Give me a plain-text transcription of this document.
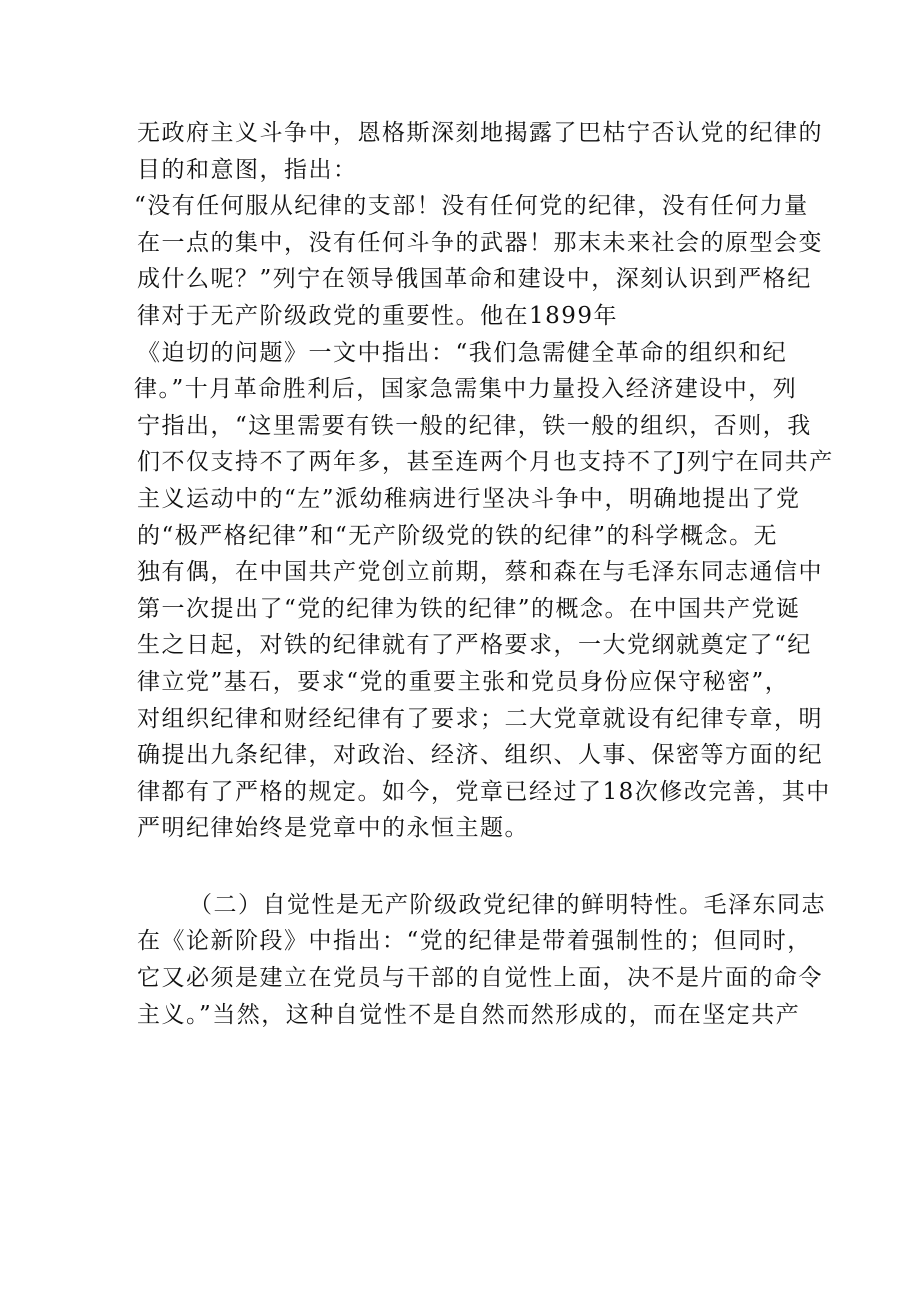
无政府主义斗争中，恩格斯深刻地揭露了巴枯宁否认党的纪律的
目的和意图，指出：
“没有任何服从纪律的支部！没有任何党的纪律，没有任何力量
在一点的集中，没有任何斗争的武器！那末未来社会的原型会变
成什么呢？”列宁在领导俄国革命和建设中，深刻认识到严格纪
律对于无产阶级政党的重要性。他在1899年
《迫切的问题》一文中指出：“我们急需健全革命的组织和纪
律。”十月革命胜利后，国家急需集中力量投入经济建设中，列
宁指出，“这里需要有铁一般的纪律，铁一般的组织，否则，我
们不仅支持不了两年多，甚至连两个月也支持不了J列宁在同共产
主义运动中的“左”派幼稚病进行坚决斗争中，明确地提出了党
的“极严格纪律”和“无产阶级党的铁的纪律”的科学概念。无
独有偶，在中国共产党创立前期，蔡和森在与毛泽东同志通信中
第一次提出了“党的纪律为铁的纪律”的概念。在中国共产党诞
生之日起，对铁的纪律就有了严格要求，一大党纲就奠定了“纪
律立党”基石，要求“党的重要主张和党员身份应保守秘密”，
对组织纪律和财经纪律有了要求；二大党章就设有纪律专章，明
确提出九条纪律，对政治、经济、组织、人事、保密等方面的纪
律都有了严格的规定。如今，党章已经过了18次修改完善，其中
严明纪律始终是党章中的永恒主题。
（二）自觉性是无产阶级政党纪律的鲜明特性。毛泽东同志
在《论新阶段》中指出：“党的纪律是带着强制性的；但同时，
它又必须是建立在党员与干部的自觉性上面，决不是片面的命令
主义。”当然，这种自觉性不是自然而然形成的，而在坚定共产
